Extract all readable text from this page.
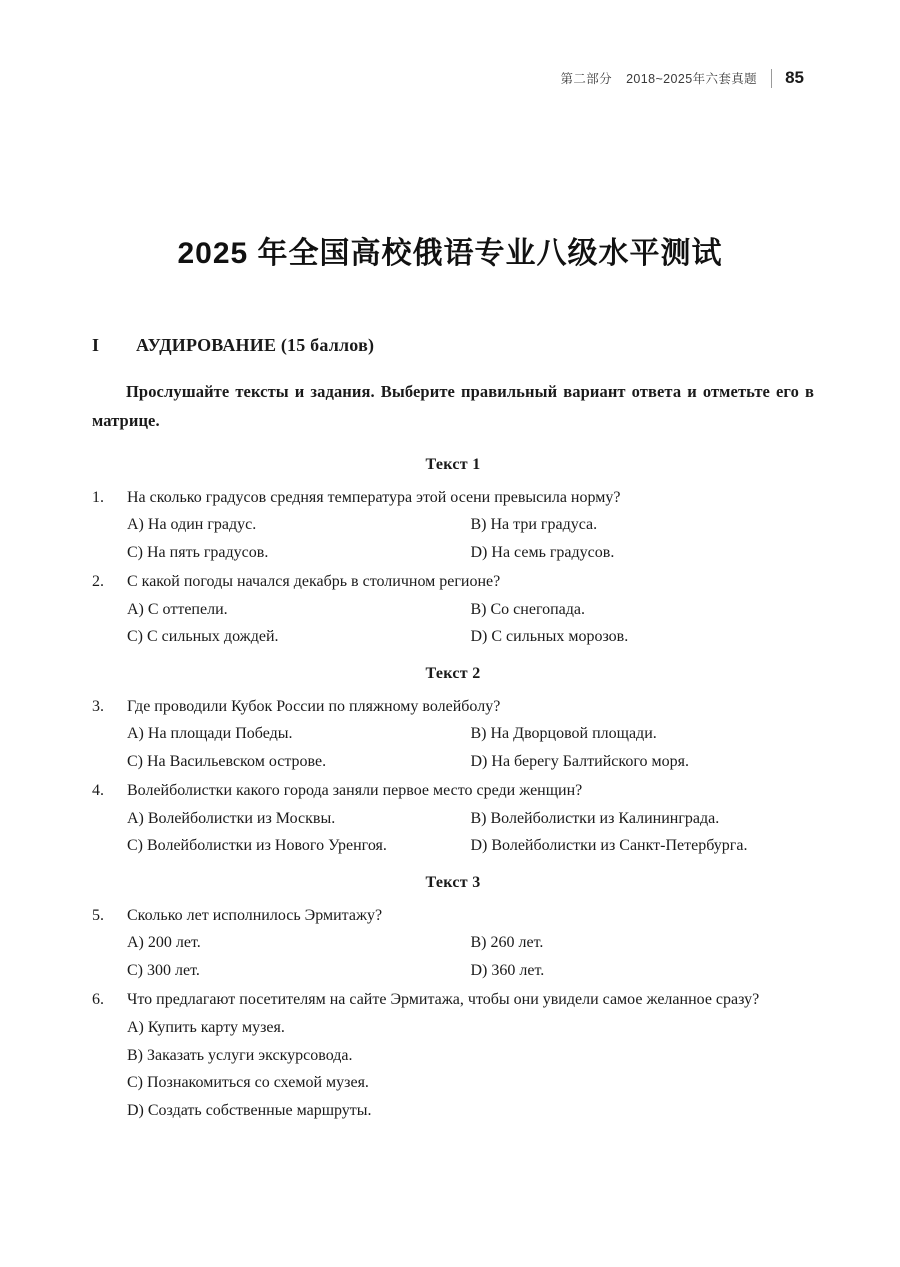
第二部分 2018~2025年六套真题 85
2025 年全国高校俄语专业八级水平测试
I	АУДИРОВАНИЕ (15 баллов)
Прослушайте тексты и задания. Выберите правильный вариант ответа и отметьте его в матрице.
Текст 1
1.	На сколько градусов средняя температура этой осени превысила норму?
A) На один градус.	B) На три градуса.
C) На пять градусов.	D) На семь градусов.
2.	С какой погоды начался декабрь в столичном регионе?
A) С оттепели.	B) Со снегопада.
C) С сильных дождей.	D) С сильных морозов.
Текст 2
3.	Где проводили Кубок России по пляжному волейболу?
A) На площади Победы.	B) На Дворцовой площади.
C) На Васильевском острове.	D) На берегу Балтийского моря.
4.	Волейболистки какого города заняли первое место среди женщин?
A) Волейболистки из Москвы.	B) Волейболистки из Калининграда.
C) Волейболистки из Нового Уренгоя.	D) Волейболистки из Санкт-Петербурга.
Текст 3
5.	Сколько лет исполнилось Эрмитажу?
A) 200 лет.	B) 260 лет.
C) 300 лет.	D) 360 лет.
6.	Что предлагают посетителям на сайте Эрмитажа, чтобы они увидели самое желанное сразу?
A) Купить карту музея.
B) Заказать услуги экскурсовода.
C) Познакомиться со схемой музея.
D) Создать собственные маршруты.
